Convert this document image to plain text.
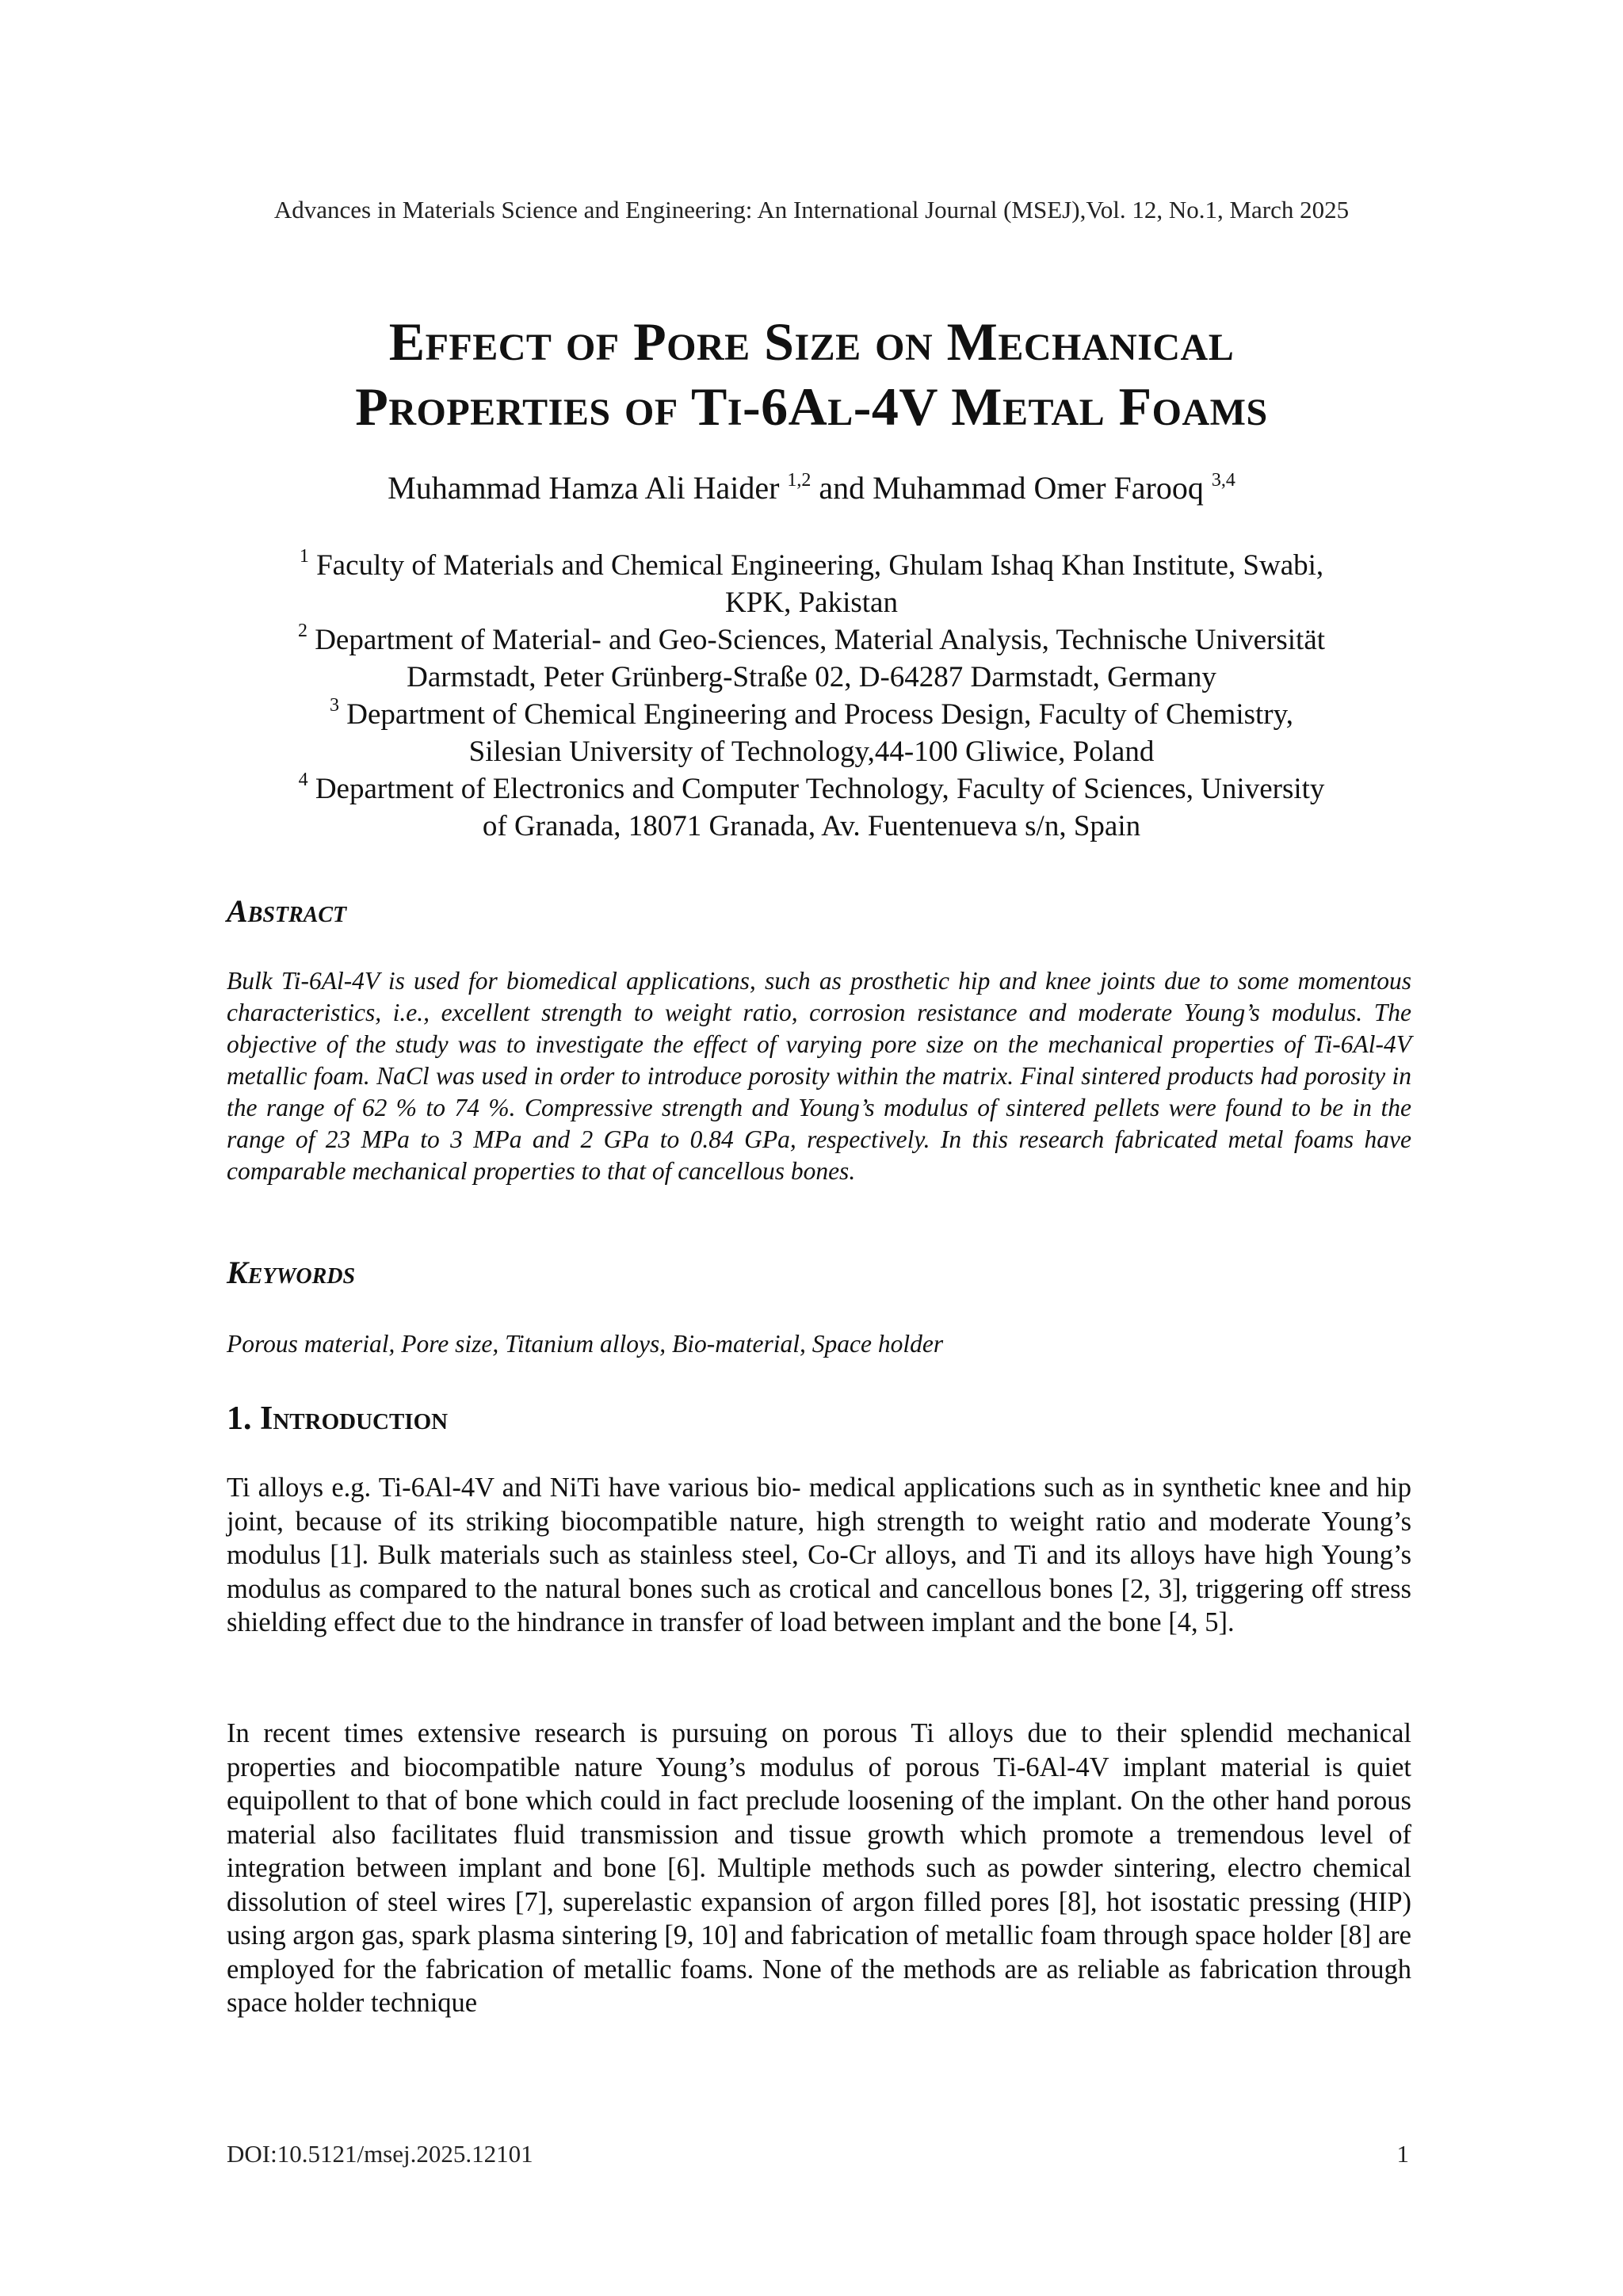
Advances in Materials Science and Engineering: An International Journal (MSEJ),Vol. 12, No.1, March 2025
Effect of Pore Size on Mechanical
Properties of Ti-6Al-4V Metal Foams
Muhammad Hamza Ali Haider $^{1,2}$ and Muhammad Omer Farooq $^{3,4}$
$^1$ Faculty of Materials and Chemical Engineering, Ghulam Ishaq Khan Institute, Swabi,
KPK, Pakistan
$^2$ Department of Material- and Geo-Sciences, Material Analysis, Technische Universität
Darmstadt, Peter Grünberg-Straße 02, D-64287 Darmstadt, Germany
$^3$ Department of Chemical Engineering and Process Design, Faculty of Chemistry,
Silesian University of Technology,44-100 Gliwice, Poland
$^4$ Department of Electronics and Computer Technology, Faculty of Sciences, University
of Granada, 18071 Granada, Av. Fuentenueva s/n, Spain
Abstract
Bulk Ti-6Al-4V is used for biomedical applications, such as prosthetic hip and knee joints due to some momentous characteristics, i.e., excellent strength to weight ratio, corrosion resistance and moderate Young’s modulus. The objective of the study was to investigate the effect of varying pore size on the mechanical properties of Ti-6Al-4V metallic foam. NaCl was used in order to introduce porosity within the matrix. Final sintered products had porosity in the range of 62 % to 74 %. Compressive strength and Young’s modulus of sintered pellets were found to be in the range of 23 MPa to 3 MPa and 2 GPa to 0.84 GPa, respectively. In this research fabricated metal foams have comparable mechanical properties to that of cancellous bones.
Keywords
Porous material, Pore size, Titanium alloys, Bio-material, Space holder
1. Introduction
Ti alloys e.g. Ti-6Al-4V and NiTi have various bio- medical applications such as in synthetic knee and hip joint, because of its striking biocompatible nature, high strength to weight ratio and moderate Young’s modulus [1]. Bulk materials such as stainless steel, Co-Cr alloys, and Ti and its alloys have high Young’s modulus as compared to the natural bones such as crotical and cancellous bones [2, 3], triggering off stress shielding effect due to the hindrance in transfer of load between implant and the bone [4, 5].
In recent times extensive research is pursuing on porous Ti alloys due to their splendid mechanical properties and biocompatible nature Young’s modulus of porous Ti-6Al-4V implant material is quiet equipollent to that of bone which could in fact preclude loosening of the implant. On the other hand porous material also facilitates fluid transmission and tissue growth which promote a tremendous level of integration between implant and bone [6]. Multiple methods such as powder sintering, electro chemical dissolution of steel wires [7], superelastic expansion of argon filled pores [8], hot isostatic pressing (HIP) using argon gas, spark plasma sintering [9, 10] and fabrication of metallic foam through space holder [8] are employed for the fabrication of metallic foams. None of the methods are as reliable as fabrication through space holder technique
DOI:10.5121/msej.2025.12101	1
